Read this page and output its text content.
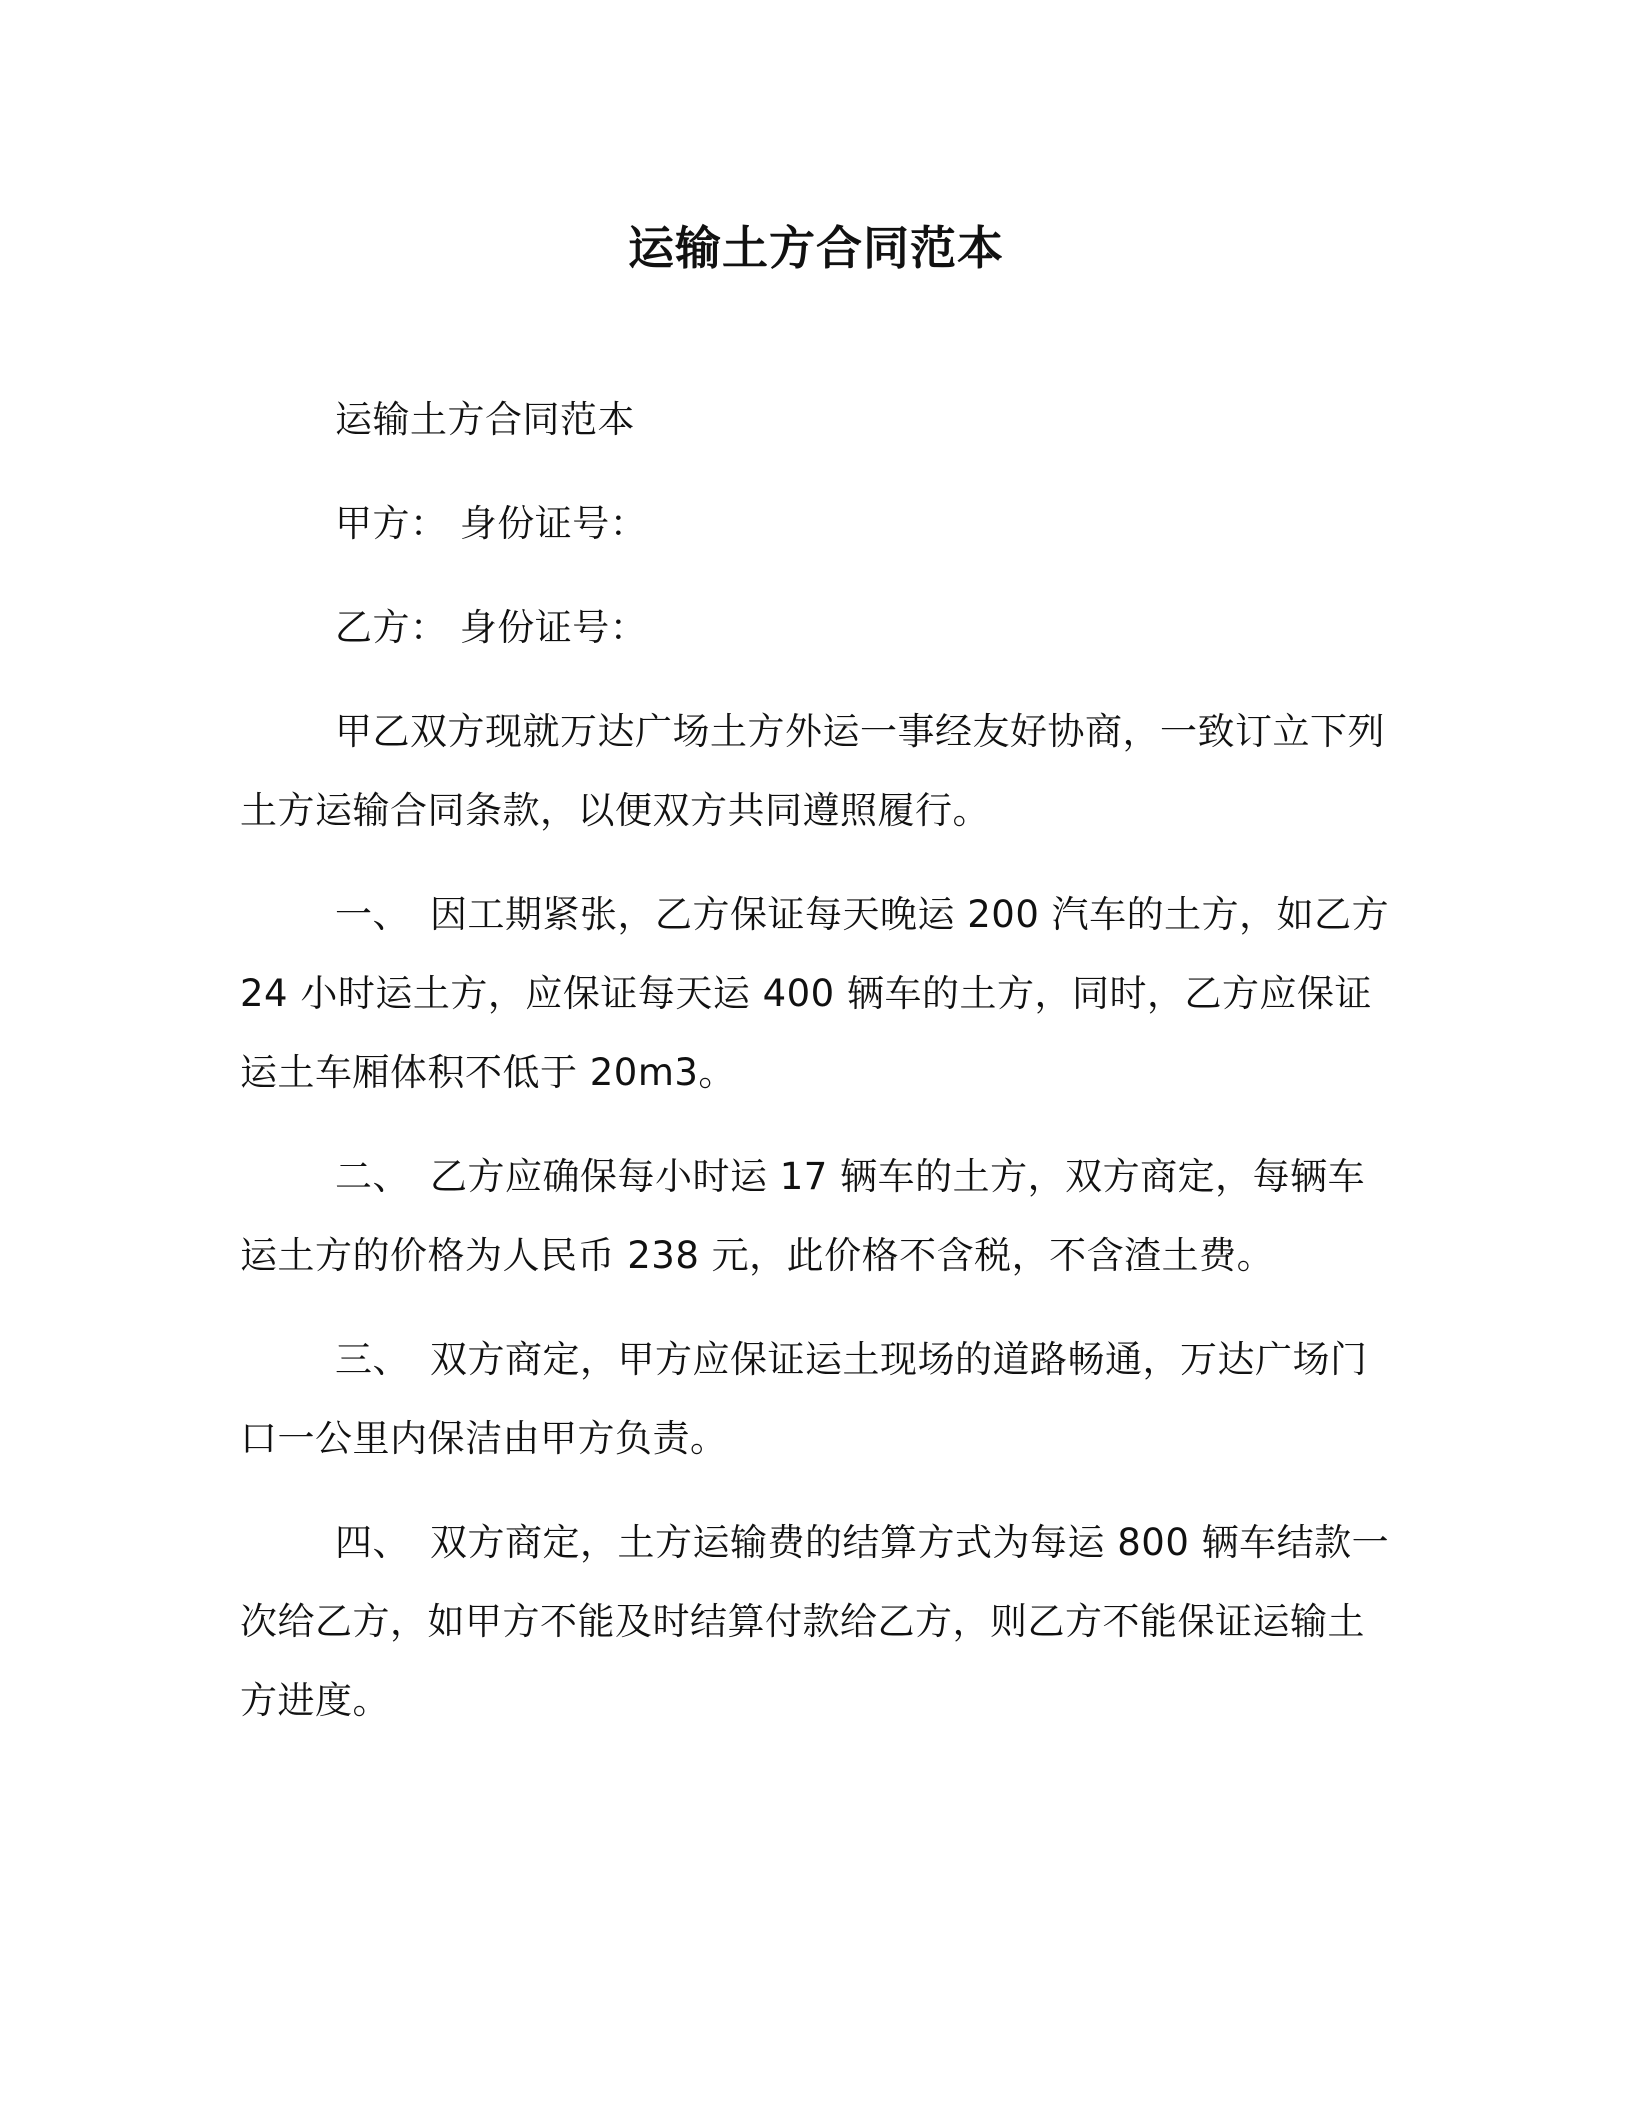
运输土方合同范本

运输土方合同范本

甲方： 身份证号：

乙方： 身份证号：

甲乙双方现就万达广场土方外运一事经友好协商，一致订立下列土方运输合同条款，以便双方共同遵照履行。

一、 因工期紧张，乙方保证每天晚运 200 汽车的土方，如乙方 24 小时运土方，应保证每天运 400 辆车的土方，同时，乙方应保证运土车厢体积不低于 20m3。

二、 乙方应确保每小时运 17 辆车的土方，双方商定，每辆车运土方的价格为人民币 238 元，此价格不含税，不含渣土费。

三、 双方商定，甲方应保证运土现场的道路畅通，万达广场门口一公里内保洁由甲方负责。

四、 双方商定，土方运输费的结算方式为每运 800 辆车结款一次给乙方，如甲方不能及时结算付款给乙方，则乙方不能保证运输土方进度。
